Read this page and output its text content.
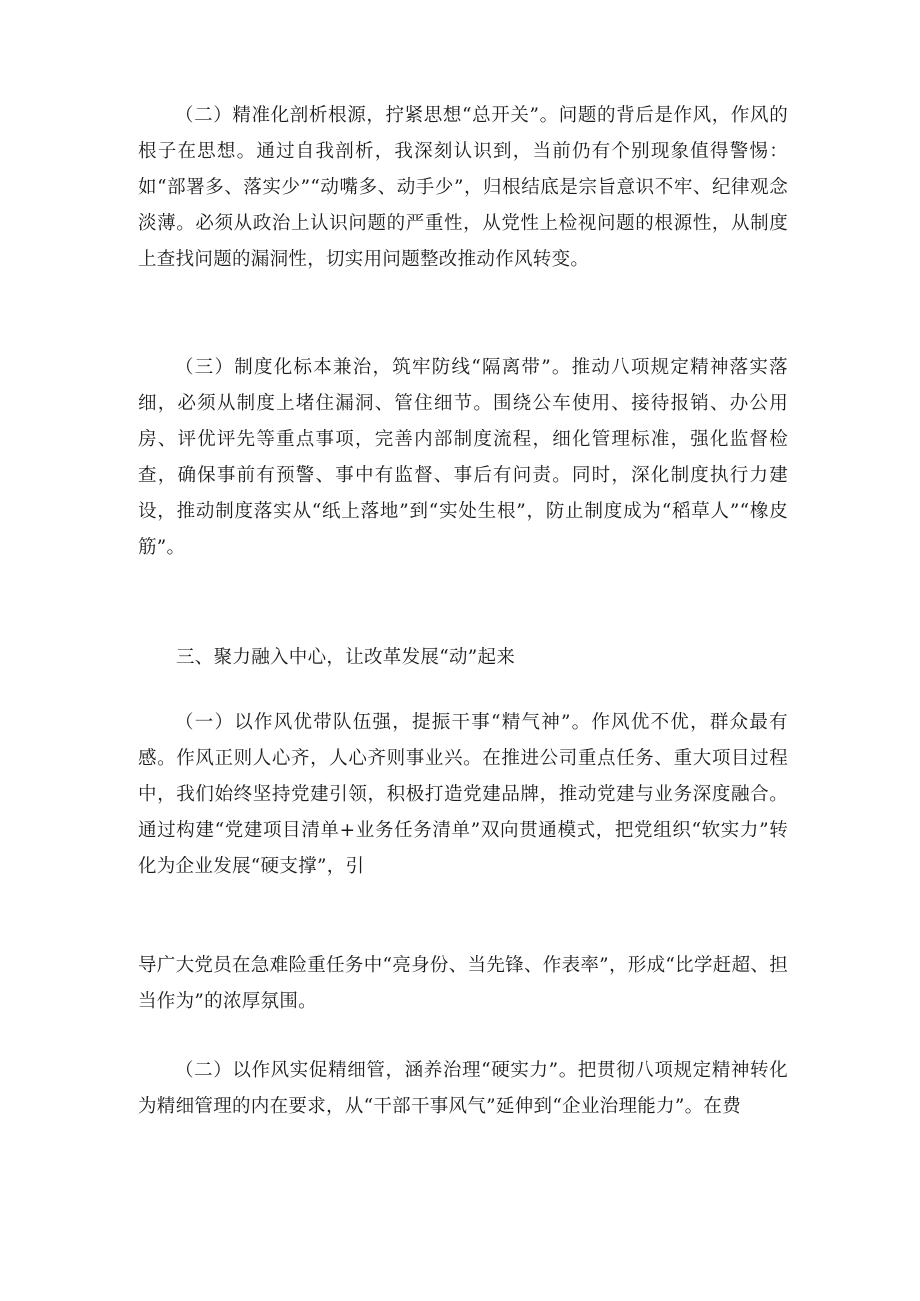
（二）精准化剖析根源，拧紧思想“总开关”。问题的背后是作风，作风的根子在思想。通过自我剖析，我深刻认识到，当前仍有个别现象值得警惕：如“部署多、落实少”“动嘴多、动手少”，归根结底是宗旨意识不牢、纪律观念淡薄。必须从政治上认识问题的严重性，从党性上检视问题的根源性，从制度上查找问题的漏洞性，切实用问题整改推动作风转变。

（三）制度化标本兼治，筑牢防线“隔离带”。推动八项规定精神落实落细，必须从制度上堵住漏洞、管住细节。围绕公车使用、接待报销、办公用房、评优评先等重点事项，完善内部制度流程，细化管理标准，强化监督检查，确保事前有预警、事中有监督、事后有问责。同时，深化制度执行力建设，推动制度落实从“纸上落地”到“实处生根”，防止制度成为“稻草人”“橡皮筋”。

三、聚力融入中心，让改革发展“动”起来

（一）以作风优带队伍强，提振干事“精气神”。作风优不优，群众最有感。作风正则人心齐，人心齐则事业兴。在推进公司重点任务、重大项目过程中，我们始终坚持党建引领，积极打造党建品牌，推动党建与业务深度融合。通过构建“党建项目清单+业务任务清单”双向贯通模式，把党组织“软实力”转化为企业发展“硬支撑”，引

导广大党员在急难险重任务中“亮身份、当先锋、作表率”，形成“比学赶超、担当作为”的浓厚氛围。

（二）以作风实促精细管，涵养治理“硬实力”。把贯彻八项规定精神转化为精细管理的内在要求，从“干部干事风气”延伸到“企业治理能力”。在费
